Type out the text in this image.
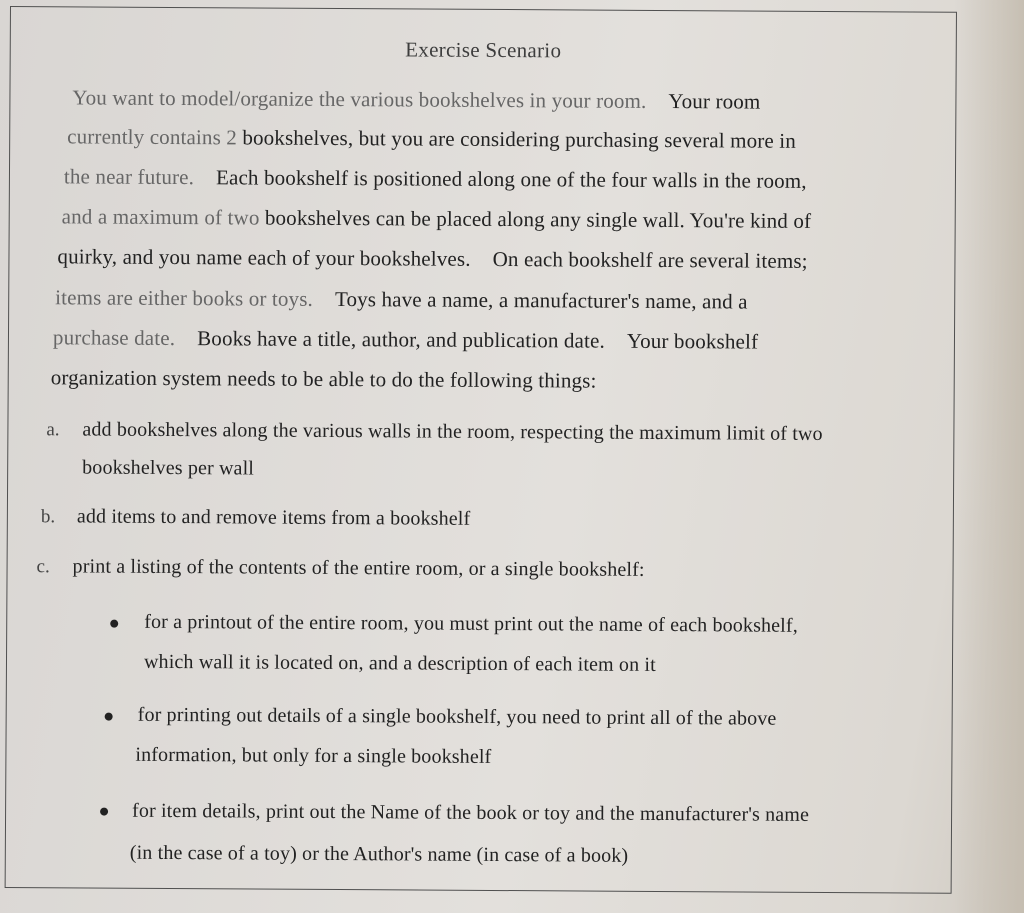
Exercise Scenario
You want to model/organize the various bookshelves in your room. Your room
currently contains 2 bookshelves, but you are considering purchasing several more in
the near future. Each bookshelf is positioned along one of the four walls in the room,
and a maximum of two bookshelves can be placed along any single wall. You're kind of
quirky, and you name each of your bookshelves. On each bookshelf are several items;
items are either books or toys. Toys have a name, a manufacturer's name, and a
purchase date. Books have a title, author, and publication date. Your bookshelf
organization system needs to be able to do the following things:
a. add bookshelves along the various walls in the room, respecting the maximum limit of two
bookshelves per wall
b. add items to and remove items from a bookshelf
c. print a listing of the contents of the entire room, or a single bookshelf:
for a printout of the entire room, you must print out the name of each bookshelf,
which wall it is located on, and a description of each item on it
for printing out details of a single bookshelf, you need to print all of the above
information, but only for a single bookshelf
for item details, print out the Name of the book or toy and the manufacturer's name
(in the case of a toy) or the Author's name (in case of a book)
